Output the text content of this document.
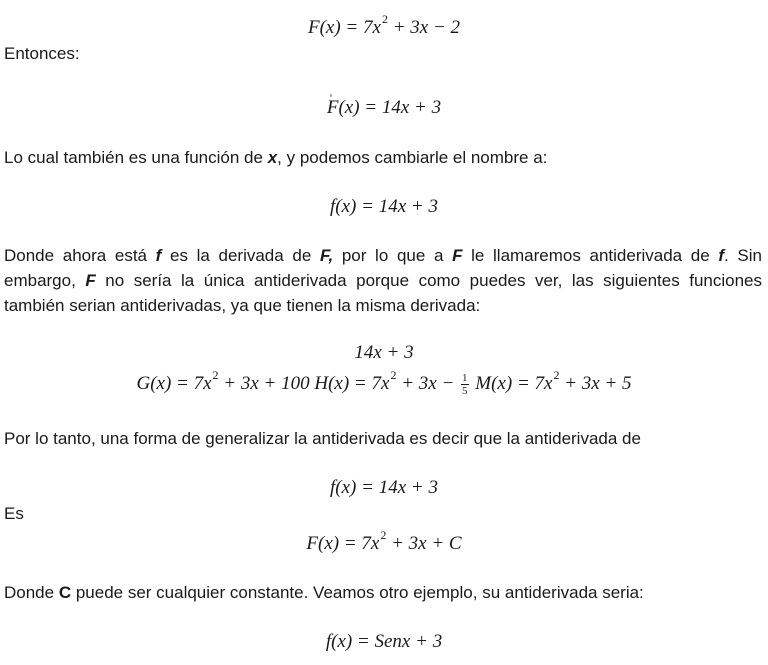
$F(x) = 7x^2 + 3x - 2$

Entonces:

F '(x) = 14x + 3

Lo cual también es una función de x, y podemos cambiarle el nombre a:

f(x) = 14x + 3

Donde ahora está f es la derivada de F, por lo que a F le llamaremos antiderivada de f. Sin embargo, F no sería la única antiderivada porque como puedes ver, las siguientes funciones también serian antiderivadas, ya que tienen la misma derivada:

14x + 3
$G(x) = 7x^2 + 3x + 100$ $H(x) = 7x^2 + 3x - \frac{1}{5} M(x) = 7x^2 + 3x + 5$

Por lo tanto, una forma de generalizar la antiderivada es decir que la antiderivada de

f(x) = 14x + 3

Es

$F(x) = 7x^2 + 3x + C$

Donde C puede ser cualquier constante. Veamos otro ejemplo, su antiderivada seria:

f(x) = Senx + 3
